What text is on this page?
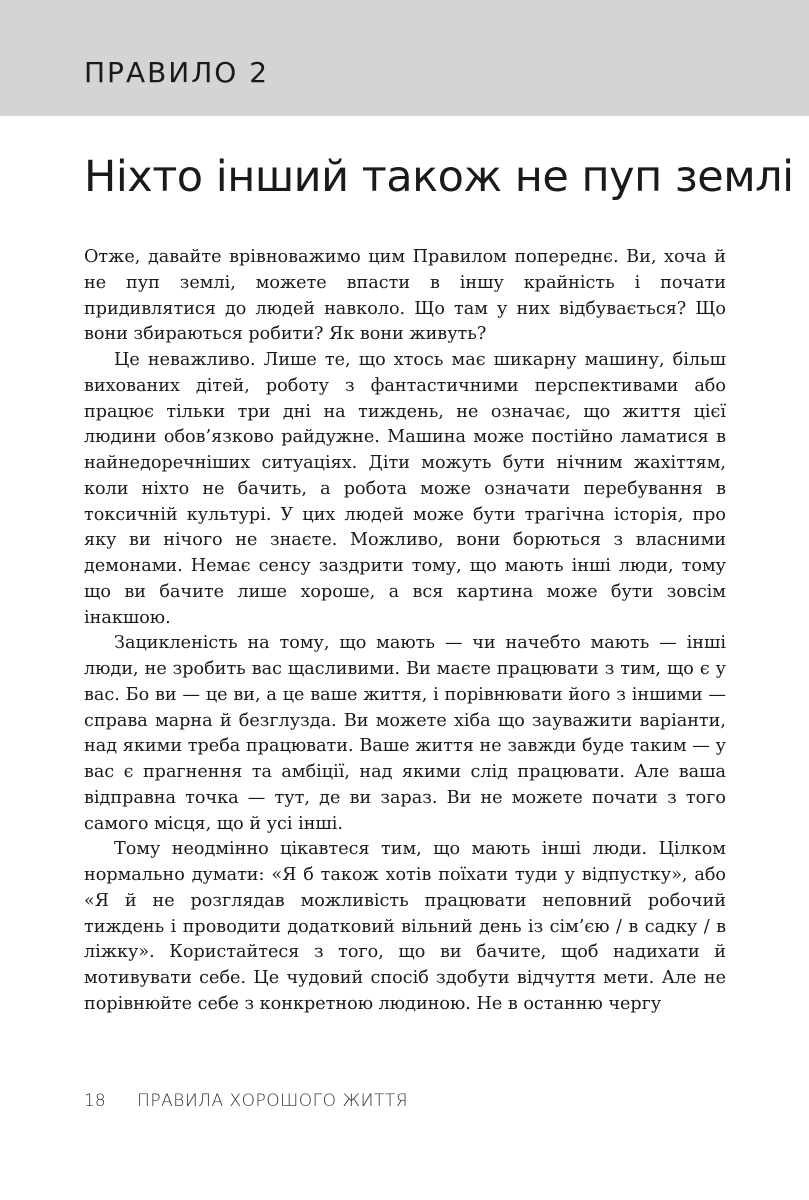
ПРАВИЛО 2
Ніхто інший також не пуп землі

Отже, давайте врівноважимо цим Правилом попереднє. Ви, хоча й не пуп землі, можете впасти в іншу крайність і почати придивлятися до людей навколо. Що там у них відбувається? Що вони збираються робити? Як вони живуть?

Це неважливо. Лише те, що хтось має шикарну машину, більш вихованих дітей, роботу з фантастичними перспективами або працює тільки три дні на тиждень, не означає, що життя цієї людини обов’язково райдужне. Машина може постійно ламатися в найнедоречніших ситуаціях. Діти можуть бути нічним жахіттям, коли ніхто не бачить, а робота може означати перебування в токсичній культурі. У цих людей може бути трагічна історія, про яку ви нічого не знаєте. Можливо, вони борються з власними демонами. Немає сенсу заздрити тому, що мають інші люди, тому що ви бачите лише хороше, а вся картина може бути зовсім інакшою.

Зацикленість на тому, що мають — чи начебто мають — інші люди, не зробить вас щасливими. Ви маєте працювати з тим, що є у вас. Бо ви — це ви, а це ваше життя, і порівнювати його з іншими — справа марна й безглузда. Ви можете хіба що зауважити варіанти, над якими треба працювати. Ваше життя не завжди буде таким — у вас є прагнення та амбіції, над якими слід працювати. Але ваша відправна точка — тут, де ви зараз. Ви не можете почати з того самого місця, що й усі інші.

Тому неодмінно цікавтеся тим, що мають інші люди. Цілком нормально думати: «Я б також хотів поїхати туди у відпустку», або «Я й не розглядав можливість працювати неповний робочий тиждень і проводити додатковий вільний день із сім’єю / в садку / в ліжку». Користайтеся з того, що ви бачите, щоб надихати й мотивувати себе. Це чудовий спосіб здобути відчуття мети. Але не порівнюйте себе з конкретною людиною. Не в останню чергу

18 ПРАВИЛА ХОРОШОГО ЖИТТЯ
